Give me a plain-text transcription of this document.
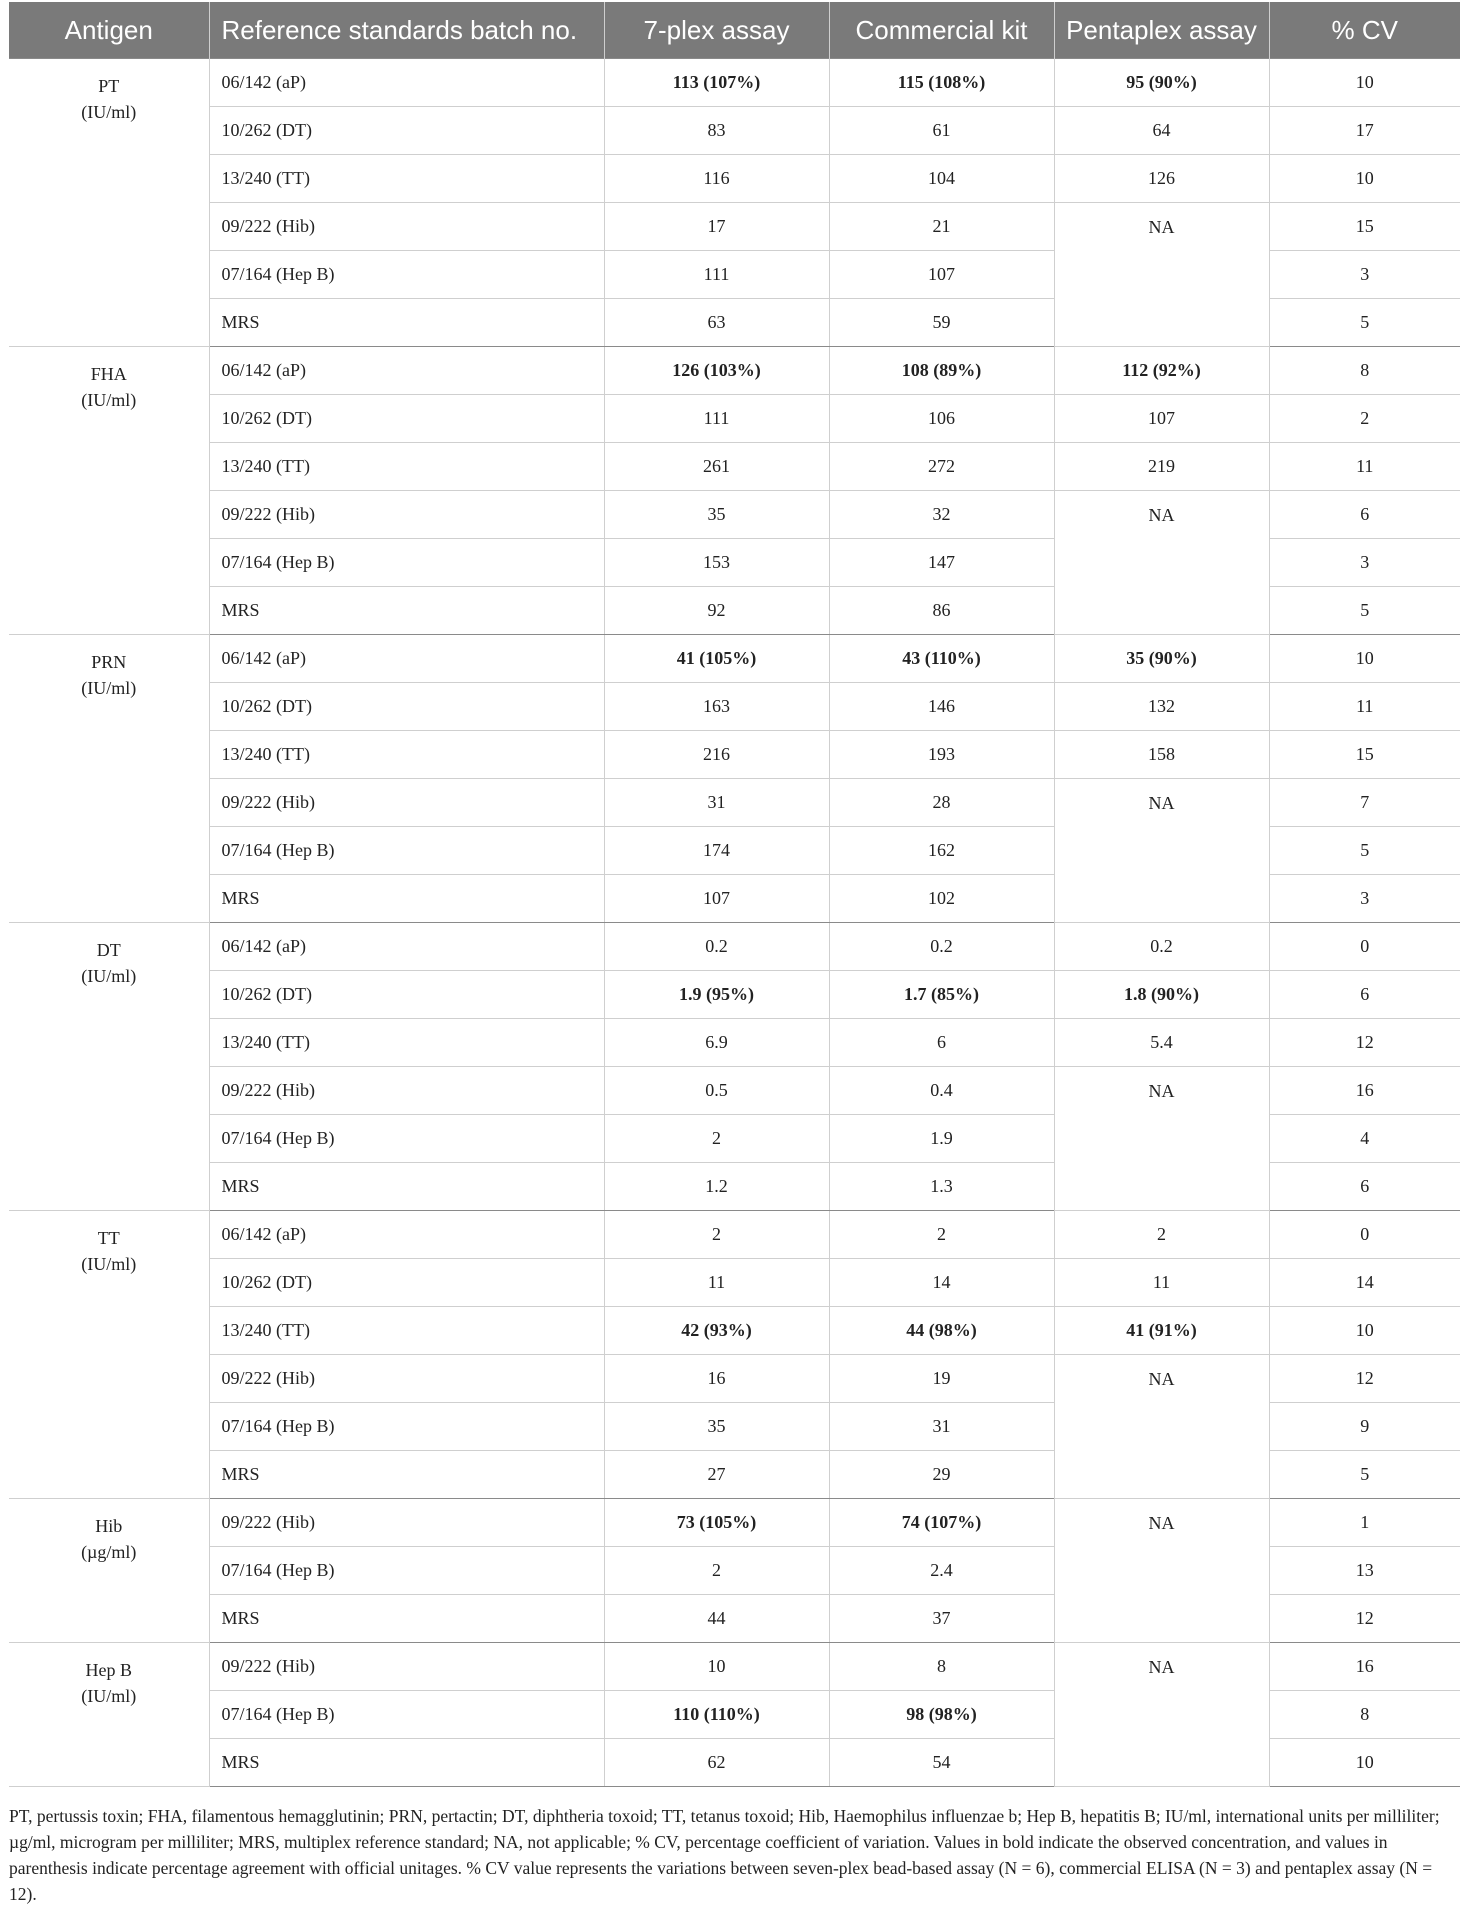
Antigen	Reference standards batch no.	7-plex assay	Commercial kit	Pentaplex assay	% CV

PT
(IU/ml)	06/142 (aP)	113 (107%)	115 (108%)	95 (90%)	10
	10/262 (DT)	83	61	64	17
	13/240 (TT)	116	104	126	10
	09/222 (Hib)	17	21	NA	15
	07/164 (Hep B)	111	107		3
	MRS	63	59		5

FHA
(IU/ml)	06/142 (aP)	126 (103%)	108 (89%)	112 (92%)	8
	10/262 (DT)	111	106	107	2
	13/240 (TT)	261	272	219	11
	09/222 (Hib)	35	32	NA	6
	07/164 (Hep B)	153	147		3
	MRS	92	86		5

PRN
(IU/ml)	06/142 (aP)	41 (105%)	43 (110%)	35 (90%)	10
	10/262 (DT)	163	146	132	11
	13/240 (TT)	216	193	158	15
	09/222 (Hib)	31	28	NA	7
	07/164 (Hep B)	174	162		5
	MRS	107	102		3

DT
(IU/ml)	06/142 (aP)	0.2	0.2	0.2	0
	10/262 (DT)	1.9 (95%)	1.7 (85%)	1.8 (90%)	6
	13/240 (TT)	6.9	6	5.4	12
	09/222 (Hib)	0.5	0.4	NA	16
	07/164 (Hep B)	2	1.9		4
	MRS	1.2	1.3		6

TT
(IU/ml)	06/142 (aP)	2	2	2	0
	10/262 (DT)	11	14	11	14
	13/240 (TT)	42 (93%)	44 (98%)	41 (91%)	10
	09/222 (Hib)	16	19	NA	12
	07/164 (Hep B)	35	31		9
	MRS	27	29		5

Hib
(µg/ml)	09/222 (Hib)	73 (105%)	74 (107%)	NA	1
	07/164 (Hep B)	2	2.4		13
	MRS	44	37		12

Hep B
(IU/ml)	09/222 (Hib)	10	8	NA	16
	07/164 (Hep B)	110 (110%)	98 (98%)		8
	MRS	62	54		10
PT, pertussis toxin; FHA, filamentous hemagglutinin; PRN, pertactin; DT, diphtheria toxoid; TT, tetanus toxoid; Hib, Haemophilus influenzae b; Hep B, hepatitis B; IU/ml, international units per milliliter; µg/ml, microgram per milliliter; MRS, multiplex reference standard; NA, not applicable; % CV, percentage coefficient of variation. Values in bold indicate the observed concentration, and values in parenthesis indicate percentage agreement with official unitages. % CV value represents the variations between seven-plex bead-based assay (N = 6), commercial ELISA (N = 3) and pentaplex assay (N = 12).
